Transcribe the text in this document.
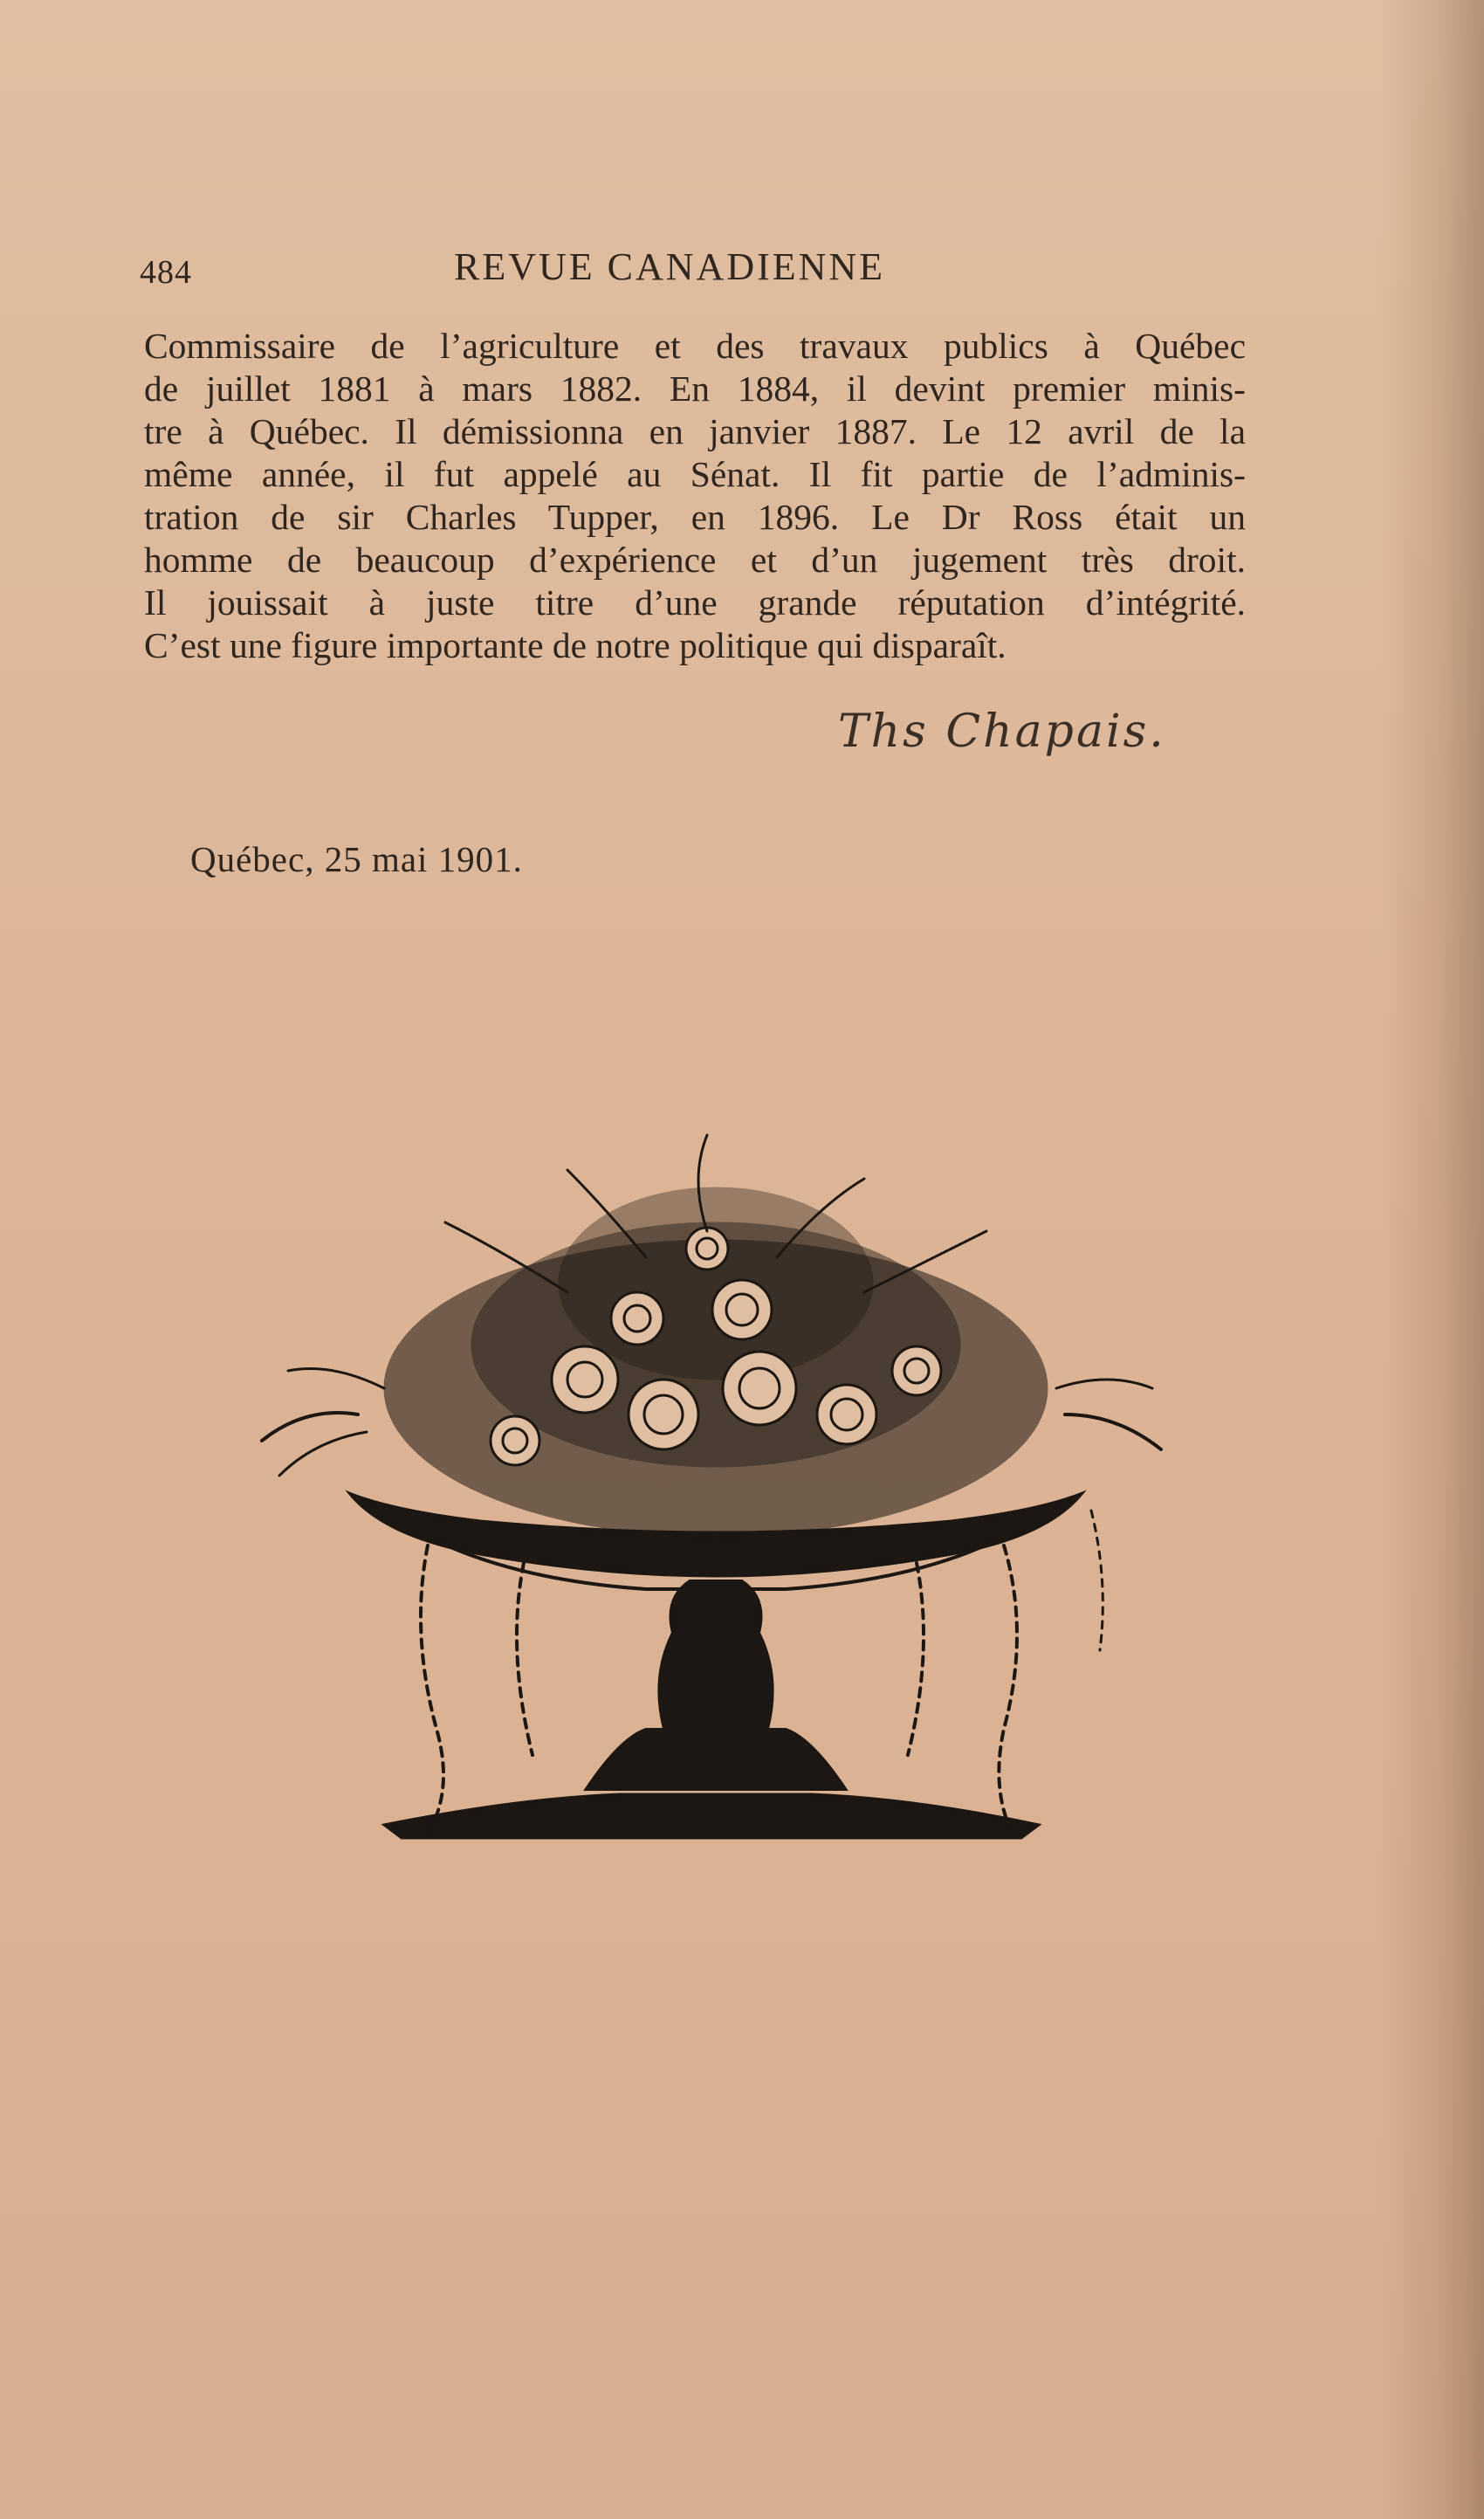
484	REVUE CANADIENNE
Commissaire de l’agriculture et des travaux publics à Québec
de juillet 1881 à mars 1882. En 1884, il devint premier minis-
tre à Québec. Il démissionna en janvier 1887. Le 12 avril de la
même année, il fut appelé au Sénat. Il fit partie de l’adminis-
tration de sir Charles Tupper, en 1896. Le Dr Ross était un
homme de beaucoup d’expérience et d’un jugement très droit.
Il jouissait à juste titre d’une grande réputation d’intégrité.
C’est une figure importante de notre politique qui disparaît.
Ths Chapais.
Québec, 25 mai 1901.
